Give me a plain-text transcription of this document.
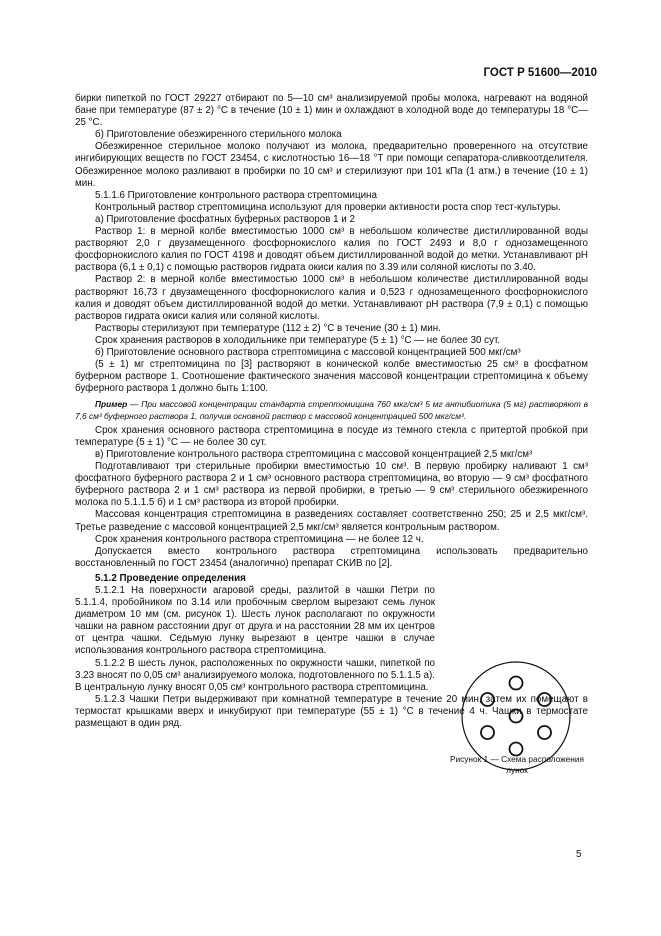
ГОСТ Р 51600—2010

бирки пипеткой по ГОСТ 29227 отбирают по 5—10 см³ анализируемой пробы молока, нагревают на водяной бане при температуре (87 ± 2) °С в течение (10 ± 1) мин и охлаждают в холодной воде до температуры 18 °С—25 °С.

б) Приготовление обезжиренного стерильного молока

Обезжиренное стерильное молоко получают из молока, предварительно проверенного на отсутствие ингибирующих веществ по ГОСТ 23454, с кислотностью 16—18 °Т при помощи сепаратора-сливкоотделителя. Обезжиренное молоко разливают в пробирки по 10 см³ и стерилизуют при 101 кПа (1 атм.) в течение (10 ± 1) мин.

5.1.1.6 Приготовление контрольного раствора стрептомицина

Контрольный раствор стрептомицина используют для проверки активности роста спор тест-культуры.

а) Приготовление фосфатных буферных растворов 1 и 2

Раствор 1: в мерной колбе вместимостью 1000 см³ в небольшом количестве дистиллированной воды растворяют 2,0 г двузамещенного фосфорнокислого калия по ГОСТ 2493 и 8,0 г однозамещенного фосфорнокислого калия по ГОСТ 4198 и доводят объем дистиллированной водой до метки. Устанавливают pH раствора (6,1 ± 0,1) с помощью растворов гидрата окиси калия по 3.39 или соляной кислоты по 3.40.

Раствор 2: в мерной колбе вместимостью 1000 см³ в небольшом количестве дистиллированной воды растворяют 16,73 г двузамещенного фосфорнокислого калия и 0,523 г однозамещенного фосфорнокислого калия и доводят объем дистиллированной водой до метки. Устанавливают pH раствора (7,9 ± 0,1) с помощью растворов гидрата окиси калия или соляной кислоты.

Растворы стерилизуют при температуре (112 ± 2) °С в течение (30 ± 1) мин.

Срок хранения растворов в холодильнике при температуре (5 ± 1) °С — не более 30 сут.

б) Приготовление основного раствора стрептомицина с массовой концентрацией 500 мкг/см³

(5 ± 1) мг стрептомицина по [3] растворяют в конической колбе вместимостью 25 см³ в фосфатном буферном растворе 1. Соотношение фактического значения массовой концентрации стрептомицина к объему буферного раствора 1 должно быть 1:100.

Пример — При массовой концентрации стандарта стрептомицина 760 мкг/см³ 5 мг антибиотика (5 мг) растворяют в 7,6 см³ буферного раствора 1, получив основной раствор с массовой концентрацией 500 мкг/см³.

Срок хранения основного раствора стрептомицина в посуде из темного стекла с притертой пробкой при температуре (5 ± 1) °С — не более 30 сут.

в) Приготовление контрольного раствора стрептомицина с массовой концентрацией 2,5 мкг/см³

Подготавливают три стерильные пробирки вместимостью 10 см³. В первую пробирку наливают 1 см³ фосфатного буферного раствора 2 и 1 см³ основного раствора стрептомицина, во вторую — 9 см³ фосфатного буферного раствора 2 и 1 см³ раствора из первой пробирки, в третью — 9 см³ стерильного обезжиренного молока по 5.1.1.5 б) и 1 см³ раствора из второй пробирки.

Массовая концентрация стрептомицина в разведениях составляет соответственно 250; 25 и 2,5 мкг/см³. Третье разведение с массовой концентрацией 2,5 мкг/см³ является контрольным раствором.

Срок хранения контрольного раствора стрептомицина — не более 12 ч.

Допускается вместо контрольного раствора стрептомицина использовать предварительно восстановленный по ГОСТ 23454 (аналогично) препарат СКИВ по [2].

5.1.2 Проведение определения

5.1.2.1 На поверхности агаровой среды, разлитой в чашки Петри по 5.1.1.4, пробойником по 3.14 или пробочным сверлом вырезают семь лунок диаметром 10 мм (см. рисунок 1). Шесть лунок располагают по окружности чашки на равном расстоянии друг от друга и на расстоянии 28 мм их центров от центра чашки. Седьмую лунку вырезают в центре чашки в случае использования контрольного раствора стрептомицина.

5.1.2.2 В шесть лунок, расположенных по окружности чашки, пипеткой по 3.23 вносят по 0,05 см³ анализируемого молока, подготовленного по 5.1.1.5 а). В центральную лунку вносят 0,05 см³ контрольного раствора стрептомицина.

5.1.2.3 Чашки Петри выдерживают при комнатной температуре в течение 20 мин, затем их помещают в термостат крышками вверх и инкубируют при температуре (55 ± 1) °С в течение 4 ч. Чашки в термостате размещают в один ряд.

Рисунок 1 — Схема расположения лунок
5
